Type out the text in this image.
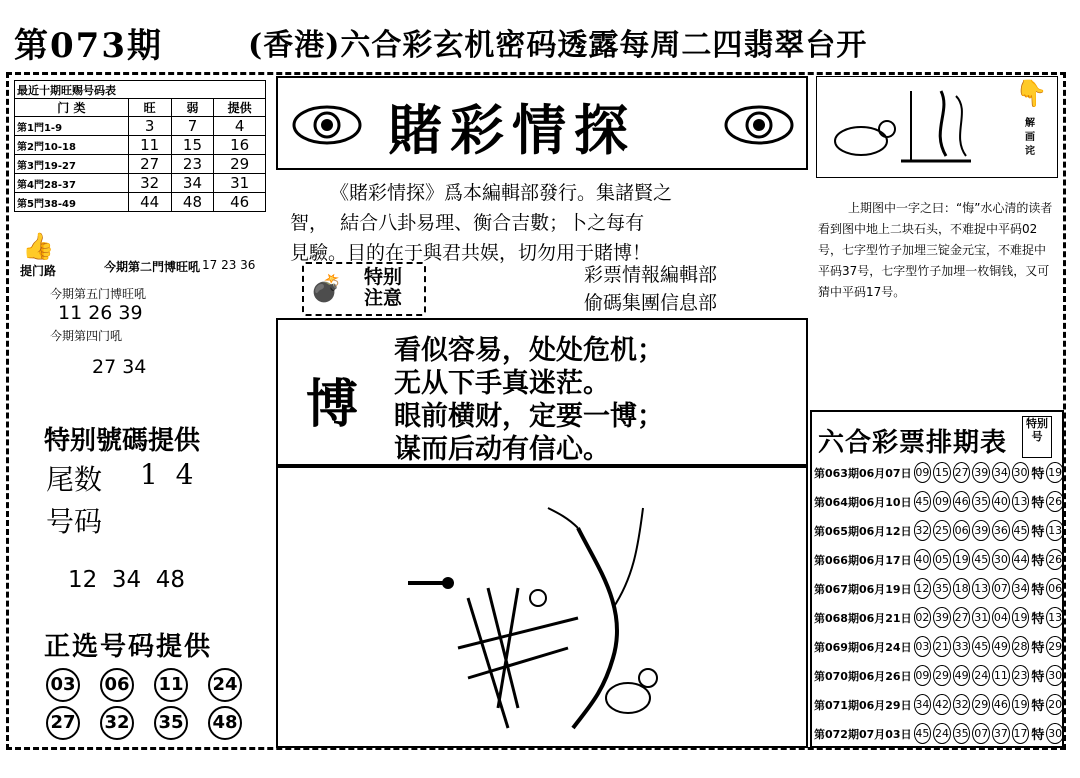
第073期	(香港)六合彩玄机密码透露每周二四翡翠台开
最近十期旺赐号码表			
门 类	旺	弱	提供
第1門1-9	3	7	4
第2門10-18	11	15	16
第3門19-27	27	23	29
第4門28-37	32	34	31
第5門38-49	44	48	46
👍
提门路	今期第二門博旺吼 17 23 36
今期第五门博旺吼
11 26 39
今期第四门吼
27 34
特别號碼提供
尾数 1  4
号码
12  34  48
正选号码提供
03 06 11 24
27 32 35 48
賭彩情探
《賭彩情探》爲本編輯部發行。集諸賢之
智，  結合八卦易理、衡合吉數；卜之每有
見驗。目的在于與君共娱，切勿用于賭博！
💣 特别注意
彩票情報編輯部
偷碼集團信息部
博
看似容易，处处危机；
无从下手真迷茫。
眼前横财，定要一博；
谋而后动有信心。
👇
解画诧
上期图中一字之曰：“悔”水心清的读者看到图中地上二块石头，不难捉中平码02号，七字型竹子加埋三锭金元宝，不难捉中平码37号，七字型竹子加埋一枚铜钱，又可猜中平码17号。
六合彩票排期表
特别号
第063期06月07日 09 15 27 39 34 30 特 19
第064期06月10日 45 09 46 35 40 13 特 26
第065期06月12日 32 25 06 39 36 45 特 13
第066期06月17日 40 05 19 45 30 44 特 26
第067期06月19日 12 35 18 13 07 34 特 06
第068期06月21日 02 39 27 31 04 19 特 13
第069期06月24日 03 21 33 45 49 28 特 29
第070期06月26日 09 29 49 24 11 23 特 30
第071期06月29日 34 42 32 29 46 19 特 20
第072期07月03日 45 24 35 07 37 17 特 30
